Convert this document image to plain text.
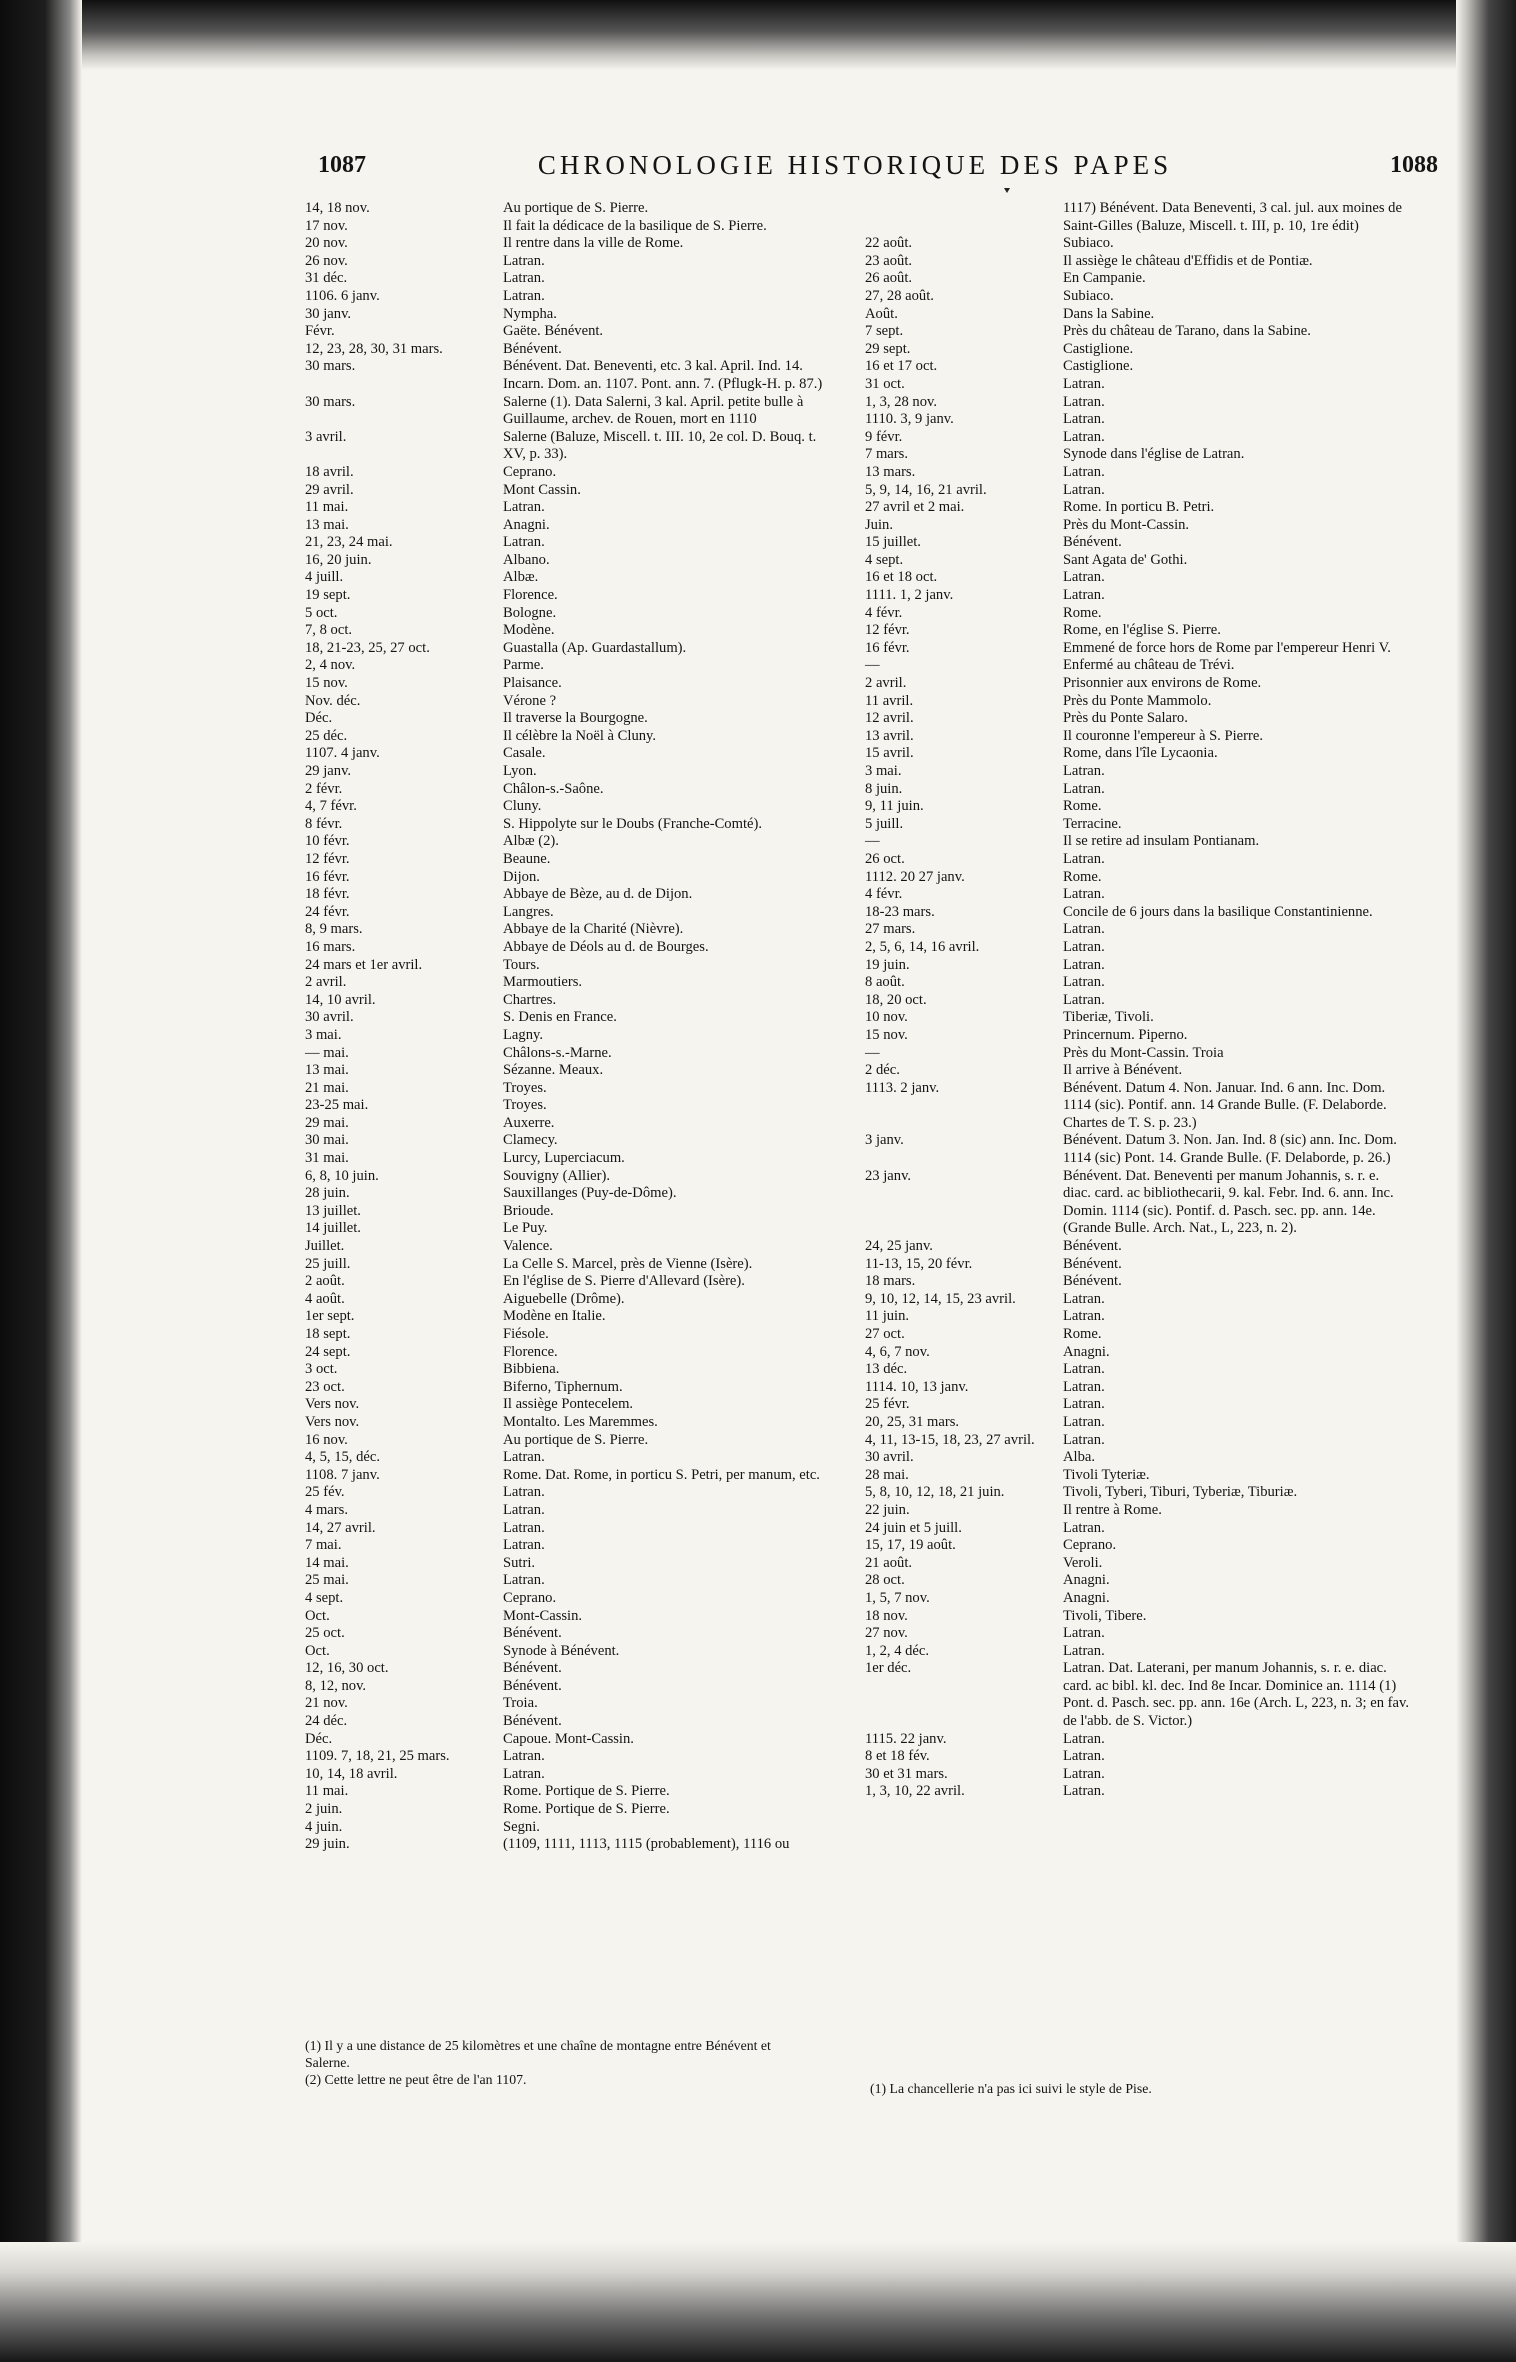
1087	CHRONOLOGIE HISTORIQUE DES PAPES	1088
14, 18 nov.	Au portique de S. Pierre.
17 nov.	Il fait la dédicace de la basilique de S. Pierre.
20 nov.	Il rentre dans la ville de Rome.
26 nov.	Latran.
31 déc.	Latran.
1106. 6 janv.	Latran.
30 janv.	Nympha.
Févr.	Gaëte. Bénévent.
12, 23, 28, 30, 31 mars.	Bénévent.
30 mars.	Bénévent. Dat. Beneventi, etc. 3 kal. April. Ind. 14. Incarn. Dom. an. 1107. Pont. ann. 7. (Pflugk-H. p. 87.)
30 mars.	Salerne (1). Data Salerni, 3 kal. April. petite bulle à Guillaume, archev. de Rouen, mort en 1110
3 avril.	Salerne (Baluze, Miscell. t. III. 10, 2e col. D. Bouq. t. XV, p. 33).
18 avril.	Ceprano.
29 avril.	Mont Cassin.
11 mai.	Latran.
13 mai.	Anagni.
21, 23, 24 mai.	Latran.
16, 20 juin.	Albano.
4 juill.	Albæ.
19 sept.	Florence.
5 oct.	Bologne.
7, 8 oct.	Modène.
18, 21-23, 25, 27 oct.	Guastalla (Ap. Guardastallum).
2, 4 nov.	Parme.
15 nov.	Plaisance.
Nov. déc.	Vérone ?
Déc.	Il traverse la Bourgogne.
25 déc.	Il célèbre la Noël à Cluny.
1107. 4 janv.	Casale.
29 janv.	Lyon.
2 févr.	Châlon-s.-Saône.
4, 7 févr.	Cluny.
8 févr.	S. Hippolyte sur le Doubs (Franche-Comté).
10 févr.	Albæ (2).
12 févr.	Beaune.
16 févr.	Dijon.
18 févr.	Abbaye de Bèze, au d. de Dijon.
24 févr.	Langres.
8, 9 mars.	Abbaye de la Charité (Nièvre).
16 mars.	Abbaye de Déols au d. de Bourges.
24 mars et 1er avril.	Tours.
2 avril.	Marmoutiers.
14, 10 avril.	Chartres.
30 avril.	S. Denis en France.
3 mai.	Lagny.
— mai.	Châlons-s.-Marne.
13 mai.	Sézanne. Meaux.
21 mai.	Troyes.
23-25 mai.	Troyes.
29 mai.	Auxerre.
30 mai.	Clamecy.
31 mai.	Lurcy, Luperciacum.
6, 8, 10 juin.	Souvigny (Allier).
28 juin.	Sauxillanges (Puy-de-Dôme).
13 juillet.	Brioude.
14 juillet.	Le Puy.
Juillet.	Valence.
25 juill.	La Celle S. Marcel, près de Vienne (Isère).
2 août.	En l'église de S. Pierre d'Allevard (Isère).
4 août.	Aiguebelle (Drôme).
1er sept.	Modène en Italie.
18 sept.	Fiésole.
24 sept.	Florence.
3 oct.	Bibbiena.
23 oct.	Biferno, Tiphernum.
Vers nov.	Il assiège Pontecelem.
Vers nov.	Montalto. Les Maremmes.
16 nov.	Au portique de S. Pierre.
4, 5, 15, déc.	Latran.
1108. 7 janv.	Rome. Dat. Rome, in porticu S. Petri, per manum, etc.
25 fév.	Latran.
4 mars.	Latran.
14, 27 avril.	Latran.
7 mai.	Latran.
14 mai.	Sutri.
25 mai.	Latran.
4 sept.	Ceprano.
Oct.	Mont-Cassin.
25 oct.	Bénévent.
Oct.	Synode à Bénévent.
12, 16, 30 oct.	Bénévent.
8, 12, nov.	Bénévent.
21 nov.	Troia.
24 déc.	Bénévent.
Déc.	Capoue. Mont-Cassin.
1109. 7, 18, 21, 25 mars.	Latran.
10, 14, 18 avril.	Latran.
11 mai.	Rome. Portique de S. Pierre.
2 juin.	Rome. Portique de S. Pierre.
4 juin.	Segni.
29 juin.	(1109, 1111, 1113, 1115 (probablement), 1116 ou
1117) Bénévent. Data Beneventi, 3 cal. jul. aux moines de Saint-Gilles (Baluze, Miscell. t. III, p. 10, 1re édit)
22 août.	Subiaco.
23 août.	Il assiège le château d'Effidis et de Pontiæ.
26 août.	En Campanie.
27, 28 août.	Subiaco.
Août.	Dans la Sabine.
7 sept.	Près du château de Tarano, dans la Sabine.
29 sept.	Castiglione.
16 et 17 oct.	Castiglione.
31 oct.	Latran.
1, 3, 28 nov.	Latran.
1110. 3, 9 janv.	Latran.
9 févr.	Latran.
7 mars.	Synode dans l'église de Latran.
13 mars.	Latran.
5, 9, 14, 16, 21 avril.	Latran.
27 avril et 2 mai.	Rome. In porticu B. Petri.
Juin.	Près du Mont-Cassin.
15 juillet.	Bénévent.
4 sept.	Sant Agata de' Gothi.
16 et 18 oct.	Latran.
1111. 1, 2 janv.	Latran.
4 févr.	Rome.
12 févr.	Rome, en l'église S. Pierre.
16 févr.	Emmené de force hors de Rome par l'empereur Henri V.
—	Enfermé au château de Trévi.
2 avril.	Prisonnier aux environs de Rome.
11 avril.	Près du Ponte Mammolo.
12 avril.	Près du Ponte Salaro.
13 avril.	Il couronne l'empereur à S. Pierre.
15 avril.	Rome, dans l'île Lycaonia.
3 mai.	Latran.
8 juin.	Latran.
9, 11 juin.	Rome.
5 juill.	Terracine.
—	Il se retire ad insulam Pontianam.
26 oct.	Latran.
1112. 20 27 janv.	Rome.
4 févr.	Latran.
18-23 mars.	Concile de 6 jours dans la basilique Constantinienne.
27 mars.	Latran.
2, 5, 6, 14, 16 avril.	Latran.
19 juin.	Latran.
8 août.	Latran.
18, 20 oct.	Latran.
10 nov.	Tiberiæ, Tivoli.
15 nov.	Princernum. Piperno.
—	Près du Mont-Cassin. Troia
2 déc.	Il arrive à Bénévent.
1113. 2 janv.	Bénévent. Datum 4. Non. Januar. Ind. 6 ann. Inc. Dom. 1114 (sic). Pontif. ann. 14 Grande Bulle. (F. Delaborde. Chartes de T. S. p. 23.)
3 janv.	Bénévent. Datum 3. Non. Jan. Ind. 8 (sic) ann. Inc. Dom. 1114 (sic) Pont. 14. Grande Bulle. (F. Delaborde, p. 26.)
23 janv.	Bénévent. Dat. Beneventi per manum Johannis, s. r. e. diac. card. ac bibliothecarii, 9. kal. Febr. Ind. 6. ann. Inc. Domin. 1114 (sic). Pontif. d. Pasch. sec. pp. ann. 14e. (Grande Bulle. Arch. Nat., L, 223, n. 2).
24, 25 janv.	Bénévent.
11-13, 15, 20 févr.	Bénévent.
18 mars.	Bénévent.
9, 10, 12, 14, 15, 23 avril.	Latran.
11 juin.	Latran.
27 oct.	Rome.
4, 6, 7 nov.	Anagni.
13 déc.	Latran.
1114. 10, 13 janv.	Latran.
25 févr.	Latran.
20, 25, 31 mars.	Latran.
4, 11, 13-15, 18, 23, 27 avril.	Latran.
30 avril.	Alba.
28 mai.	Tivoli Tyteriæ.
5, 8, 10, 12, 18, 21 juin.	Tivoli, Tyberi, Tiburi, Tyberiæ, Tiburiæ.
22 juin.	Il rentre à Rome.
24 juin et 5 juill.	Latran.
15, 17, 19 août.	Ceprano.
21 août.	Veroli.
28 oct.	Anagni.
1, 5, 7 nov.	Anagni.
18 nov.	Tivoli, Tibere.
27 nov.	Latran.
1, 2, 4 déc.	Latran.
1er déc.	Latran. Dat. Laterani, per manum Johannis, s. r. e. diac. card. ac bibl. kl. dec. Ind 8e Incar. Dominice an. 1114 (1) Pont. d. Pasch. sec. pp. ann. 16e (Arch. L, 223, n. 3; en fav. de l'abb. de S. Victor.)
1115. 22 janv.	Latran.
8 et 18 fév.	Latran.
30 et 31 mars.	Latran.
1, 3, 10, 22 avril.	Latran.
(1) Il y a une distance de 25 kilomètres et une chaîne de montagne entre Bénévent et Salerne.
(2) Cette lettre ne peut être de l'an 1107.
(1) La chancellerie n'a pas ici suivi le style de Pise.
